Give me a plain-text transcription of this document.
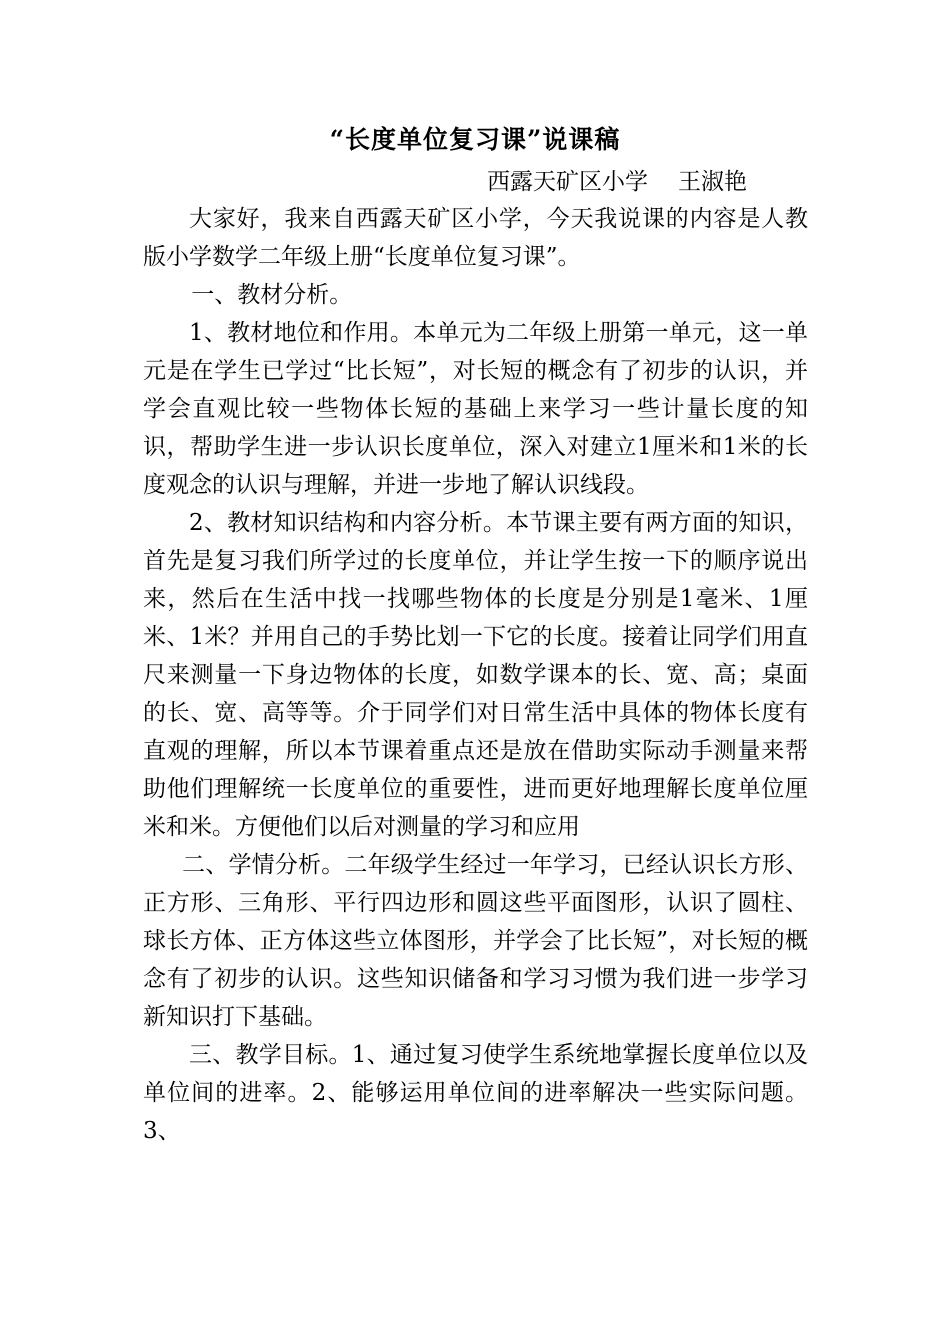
“长度单位复习课”说课稿
西露天矿区小学 王淑艳

大家好，我来自西露天矿区小学，今天我说课的内容是人教版小学数学二年级上册“长度单位复习课”。

一、教材分析。

1、教材地位和作用。本单元为二年级上册第一单元，这一单元是在学生已学过“比长短”，对长短的概念有了初步的认识，并学会直观比较一些物体长短的基础上来学习一些计量长度的知识，帮助学生进一步认识长度单位，深入对建立1厘米和1米的长度观念的认识与理解，并进一步地了解认识线段。

2、教材知识结构和内容分析。本节课主要有两方面的知识，首先是复习我们所学过的长度单位，并让学生按一下的顺序说出来，然后在生活中找一找哪些物体的长度是分别是1毫米、1厘米、1米？并用自己的手势比划一下它的长度。接着让同学们用直尺来测量一下身边物体的长度，如数学课本的长、宽、高；桌面的长、宽、高等等。介于同学们对日常生活中具体的物体长度有直观的理解，所以本节课着重点还是放在借助实际动手测量来帮助他们理解统一长度单位的重要性，进而更好地理解长度单位厘米和米。方便他们以后对测量的学习和应用

二、学情分析。二年级学生经过一年学习，已经认识长方形、正方形、三角形、平行四边形和圆这些平面图形，认识了圆柱、球长方体、正方体这些立体图形，并学会了比长短”，对长短的概念有了初步的认识。这些知识储备和学习习惯为我们进一步学习新知识打下基础。

三、教学目标。1、通过复习使学生系统地掌握长度单位以及单位间的进率。2、能够运用单位间的进率解决一些实际问题。3、
